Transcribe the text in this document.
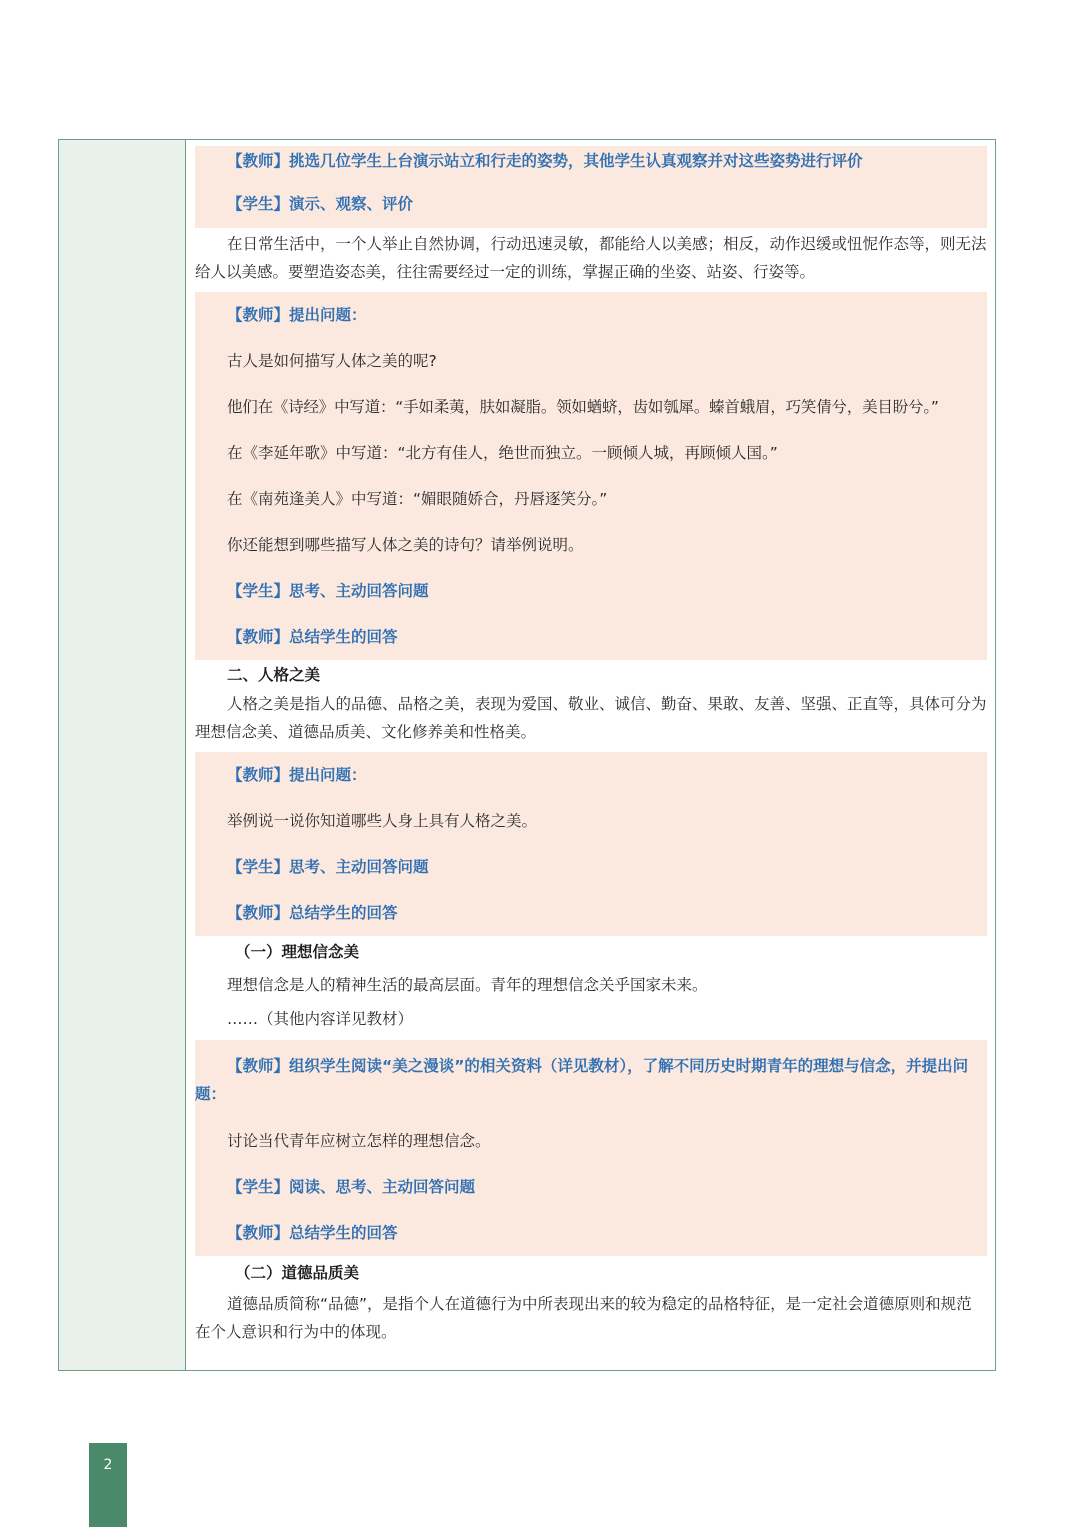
【教师】挑选几位学生上台演示站立和行走的姿势，其他学生认真观察并对这些姿势进行评价
【学生】演示、观察、评价

在日常生活中，一个人举止自然协调，行动迅速灵敏，都能给人以美感；相反，动作迟缓或忸怩作态等，则无法给人以美感。要塑造姿态美，往往需要经过一定的训练，掌握正确的坐姿、站姿、行姿等。

【教师】提出问题：
古人是如何描写人体之美的呢?
他们在《诗经》中写道：“手如柔荑，肤如凝脂。领如蝤蛴，齿如瓠犀。螓首蛾眉，巧笑倩兮，美目盼兮。”
在《李延年歌》中写道：“北方有佳人，绝世而独立。一顾倾人城，再顾倾人国。”
在《南苑逢美人》中写道：“媚眼随娇合，丹唇逐笑分。”
你还能想到哪些描写人体之美的诗句？请举例说明。
【学生】思考、主动回答问题
【教师】总结学生的回答
二、人格之美

人格之美是指人的品德、品格之美，表现为爱国、敬业、诚信、勤奋、果敢、友善、坚强、正直等，具体可分为理想信念美、道德品质美、文化修养美和性格美。

【教师】提出问题：
举例说一说你知道哪些人身上具有人格之美。
【学生】思考、主动回答问题
【教师】总结学生的回答
（一）理想信念美

理想信念是人的精神生活的最高层面。青年的理想信念关乎国家未来。

……（其他内容详见教材）

【教师】组织学生阅读“美之漫谈”的相关资料（详见教材），了解不同历史时期青年的理想与信念，并提出问题：

讨论当代青年应树立怎样的理想信念。
【学生】阅读、思考、主动回答问题
【教师】总结学生的回答
（二）道德品质美

道德品质简称“品德”，是指个人在道德行为中所表现出来的较为稳定的品格特征，是一定社会道德原则和规范在个人意识和行为中的体现。

2
